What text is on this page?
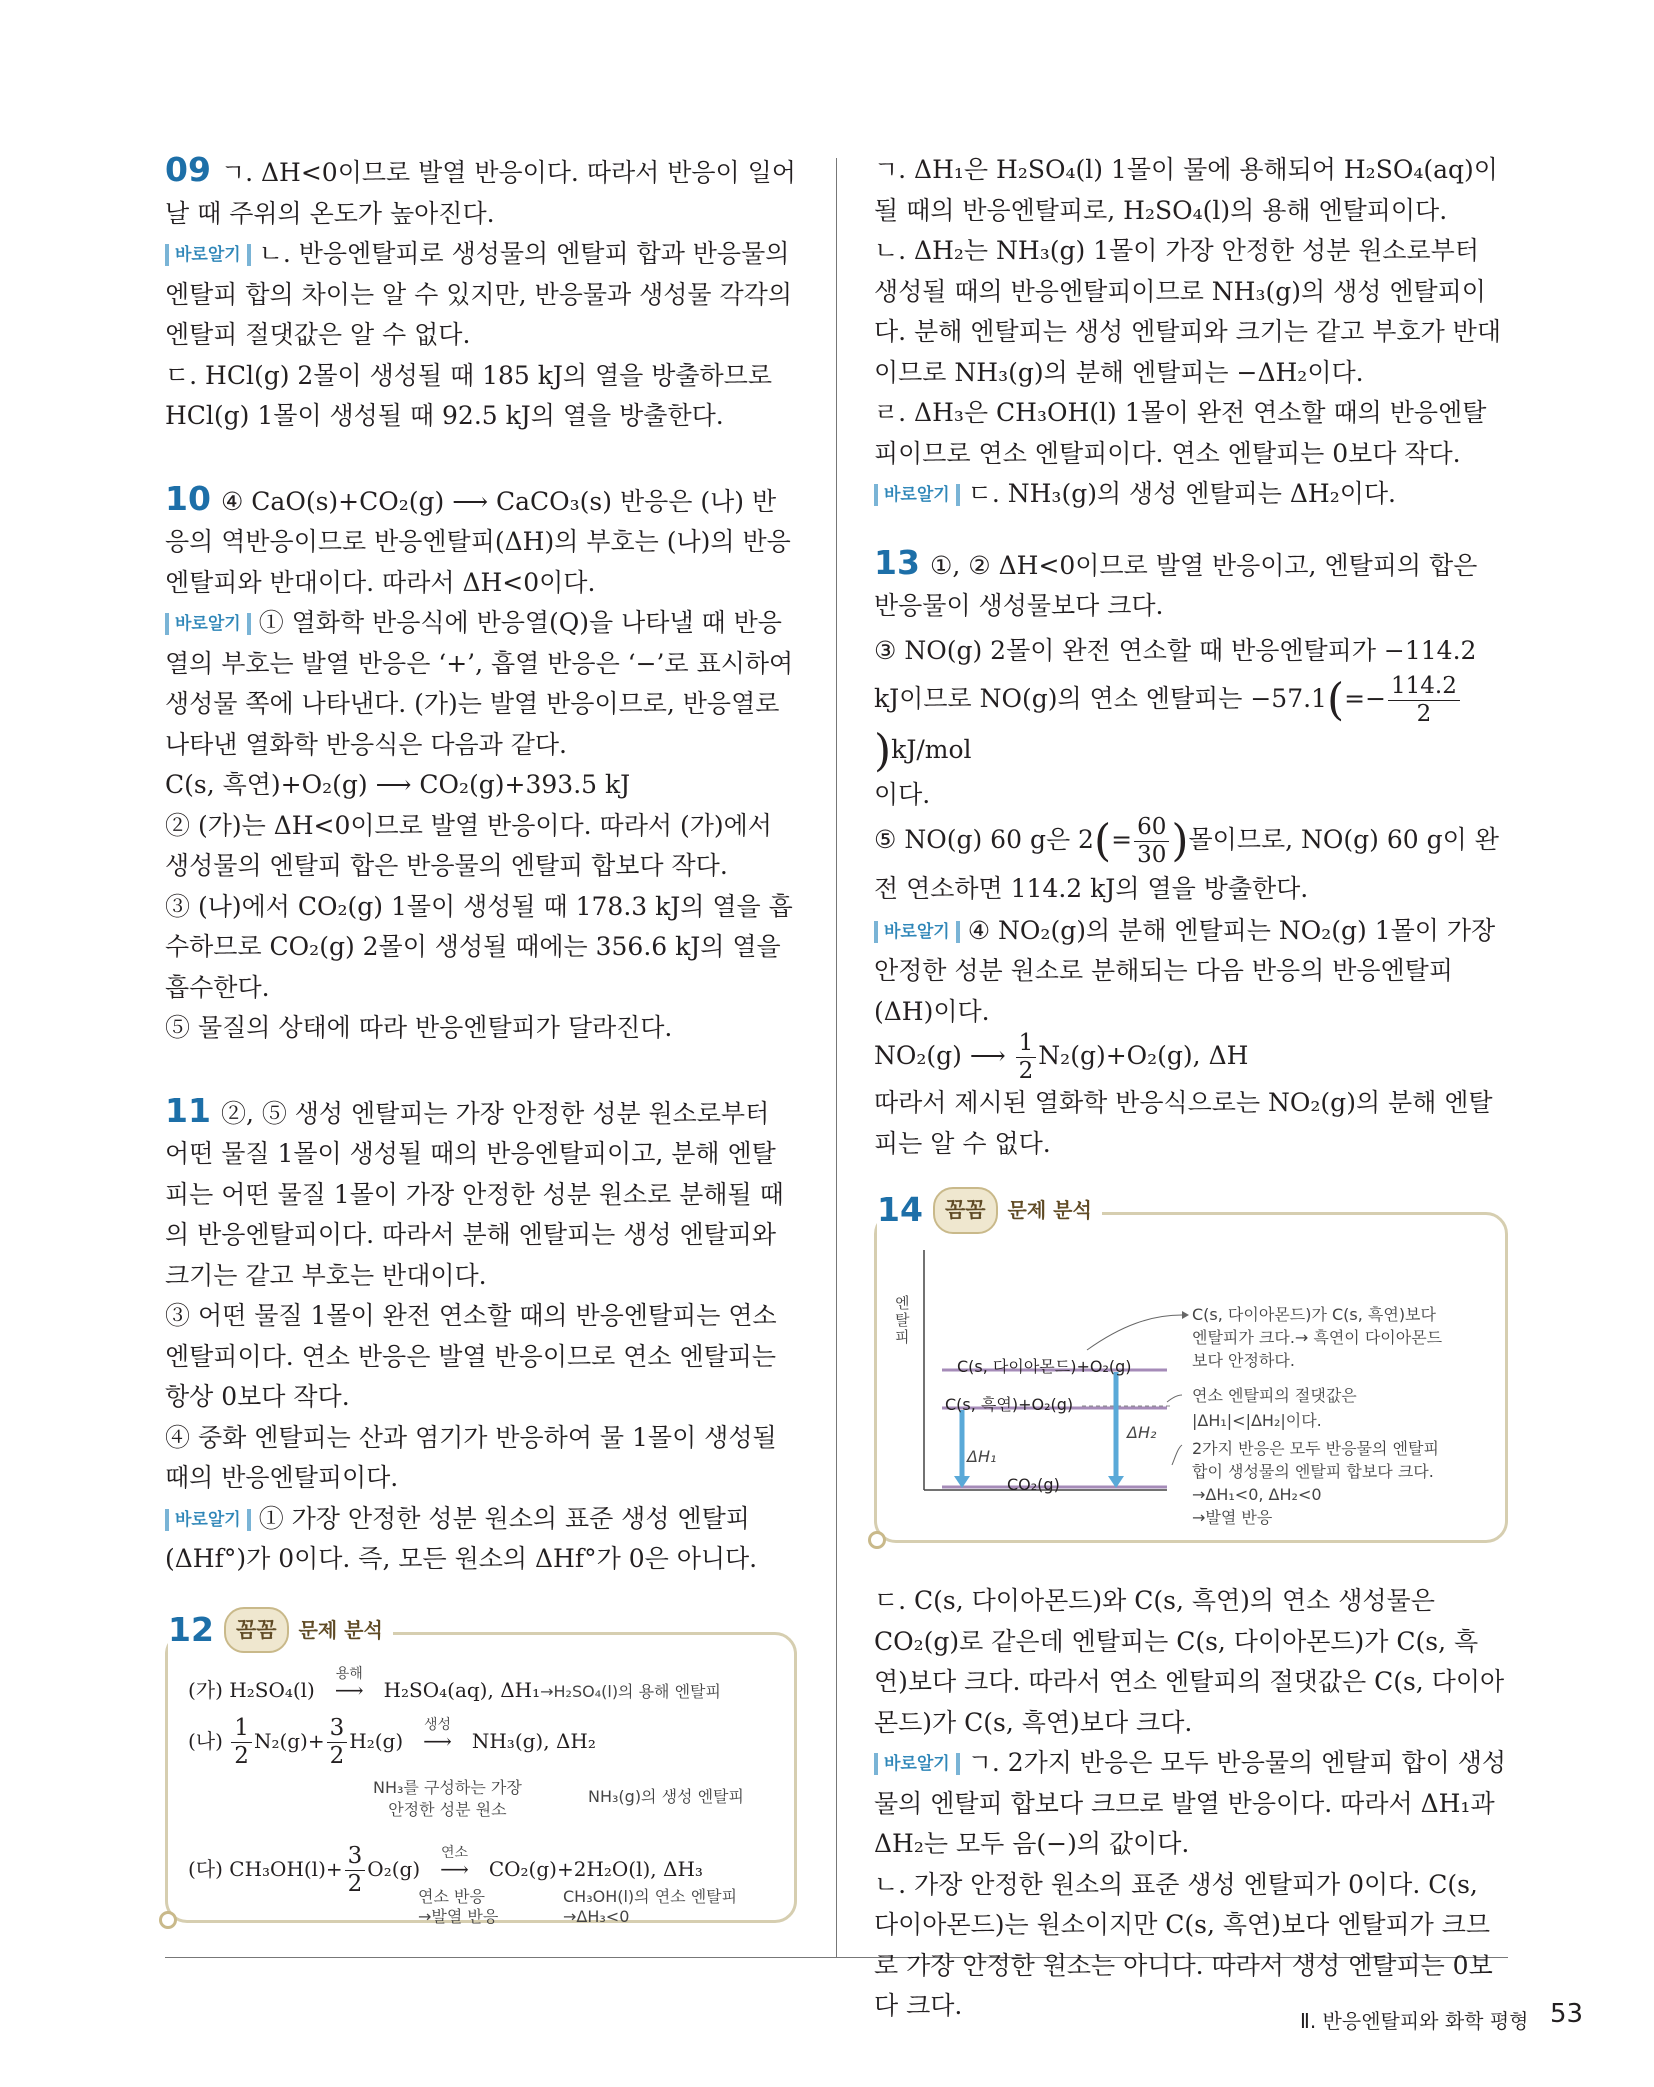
09 ㄱ. ΔH<0이므로 발열 반응이다. 따라서 반응이 일어날 때 주위의 온도가 높아진다.

바로알기 ㄴ. 반응엔탈피로 생성물의 엔탈피 합과 반응물의 엔탈피 합의 차이는 알 수 있지만, 반응물과 생성물 각각의 엔탈피 절댓값은 알 수 없다.

ㄷ. HCl(g) 2몰이 생성될 때 185 kJ의 열을 방출하므로 HCl(g) 1몰이 생성될 때 92.5 kJ의 열을 방출한다.

10 ④ CaO(s)+CO₂(g) ⟶ CaCO₃(s) 반응은 (나) 반응의 역반응이므로 반응엔탈피(ΔH)의 부호는 (나)의 반응엔탈피와 반대이다. 따라서 ΔH<0이다.

바로알기 ① 열화학 반응식에 반응열(Q)을 나타낼 때 반응열의 부호는 발열 반응은 ‘+’, 흡열 반응은 ‘−’로 표시하여 생성물 쪽에 나타낸다. (가)는 발열 반응이므로, 반응열로 나타낸 열화학 반응식은 다음과 같다.

C(s, 흑연)+O₂(g) ⟶ CO₂(g)+393.5 kJ

② (가)는 ΔH<0이므로 발열 반응이다. 따라서 (가)에서 생성물의 엔탈피 합은 반응물의 엔탈피 합보다 작다.

③ (나)에서 CO₂(g) 1몰이 생성될 때 178.3 kJ의 열을 흡수하므로 CO₂(g) 2몰이 생성될 때에는 356.6 kJ의 열을 흡수한다.

⑤ 물질의 상태에 따라 반응엔탈피가 달라진다.

11 ②, ⑤ 생성 엔탈피는 가장 안정한 성분 원소로부터 어떤 물질 1몰이 생성될 때의 반응엔탈피이고, 분해 엔탈피는 어떤 물질 1몰이 가장 안정한 성분 원소로 분해될 때의 반응엔탈피이다. 따라서 분해 엔탈피는 생성 엔탈피와 크기는 같고 부호는 반대이다.

③ 어떤 물질 1몰이 완전 연소할 때의 반응엔탈피는 연소 엔탈피이다. 연소 반응은 발열 반응이므로 연소 엔탈피는 항상 0보다 작다.

④ 중화 엔탈피는 산과 염기가 반응하여 물 1몰이 생성될 때의 반응엔탈피이다.

바로알기 ① 가장 안정한 성분 원소의 표준 생성 엔탈피(ΔHf°)가 0이다. 즉, 모든 원소의 ΔHf°가 0은 아니다.

12	꼼꼼	문제 분석
(가) H₂SO₄(l)
용해
⟶ H₂SO₄(aq), ΔH₁→H₂SO₄(l)의 용해 엔탈피
(나) $\frac{1}{2} N_2(g)+ \frac{3}{2} H_2(g)$
생성
⟶ NH₃(g), ΔH₂
NH₃를 구성하는 가장
안정한 성분 원소
NH₃(g)의 생성 엔탈피
(다) $CH_3OH(l)+ \frac{3}{2} O_2(g)$
연소
⟶ CO₂(g)+2H₂O(l), ΔH₃
연소 반응
→발열 반응
CH₃OH(l)의 연소 엔탈피
→ΔH₃<0

ㄱ. ΔH₁은 H₂SO₄(l) 1몰이 물에 용해되어 H₂SO₄(aq)이 될 때의 반응엔탈피로, H₂SO₄(l)의 용해 엔탈피이다.

ㄴ. ΔH₂는 NH₃(g) 1몰이 가장 안정한 성분 원소로부터 생성될 때의 반응엔탈피이므로 NH₃(g)의 생성 엔탈피이다. 분해 엔탈피는 생성 엔탈피와 크기는 같고 부호가 반대이므로 NH₃(g)의 분해 엔탈피는 −ΔH₂이다.

ㄹ. ΔH₃은 CH₃OH(l) 1몰이 완전 연소할 때의 반응엔탈피이므로 연소 엔탈피이다. 연소 엔탈피는 0보다 작다.

바로알기 ㄷ. NH₃(g)의 생성 엔탈피는 ΔH₂이다.

13 ①, ② ΔH<0이므로 발열 반응이고, 엔탈피의 합은 반응물이 생성물보다 크다.

③ NO(g) 2몰이 완전 연소할 때 반응엔탈피가 −114.2 kJ이므로 NO(g)의 연소 엔탈피는 $-57.1(=- \frac{114.2}{2}$
)kJ/mol

이다.

⑤ NO(g) 60 g은 $2(= \frac{60}{30}$ )몰이므로, NO(g) 60 g이 완전 연소하면 114.2 kJ의 열을 방출한다.

바로알기 ④ NO₂(g)의 분해 엔탈피는 NO₂(g) 1몰이 가장 안정한 성분 원소로 분해되는 다음 반응의 반응엔탈피(ΔH)이다.

NO₂(g) ⟶ $\frac{1}{2} N_2(g)+O_2(g)$, ΔH

따라서 제시된 열화학 반응식으로는 NO₂(g)의 분해 엔탈피는 알 수 없다.

14	꼼꼼	문제 분석
엔탈피
C(s, 다이아몬드)+O₂(g)
C(s, 흑연)+O₂(g)
CO₂(g)
ΔH₁
ΔH₂
C(s, 다이아몬드)가 C(s, 흑연)보다
엔탈피가 크다.→ 흑연이 다이아몬드
보다 안정하다.
연소 엔탈피의 절댓값은
|ΔH₁|<|ΔH₂|이다.
2가지 반응은 모두 반응물의 엔탈피
합이 생성물의 엔탈피 합보다 크다.
→ΔH₁<0, ΔH₂<0
→발열 반응

ㄷ. C(s, 다이아몬드)와 C(s, 흑연)의 연소 생성물은 CO₂(g)로 같은데 엔탈피는 C(s, 다이아몬드)가 C(s, 흑연)보다 크다. 따라서 연소 엔탈피의 절댓값은 C(s, 다이아몬드)가 C(s, 흑연)보다 크다.

바로알기 ㄱ. 2가지 반응은 모두 반응물의 엔탈피 합이 생성물의 엔탈피 합보다 크므로 발열 반응이다. 따라서 ΔH₁과 ΔH₂는 모두 음(−)의 값이다.

ㄴ. 가장 안정한 원소의 표준 생성 엔탈피가 0이다. C(s, 다이아몬드)는 원소이지만 C(s, 흑연)보다 엔탈피가 크므로 가장 안정한 원소는 아니다. 따라서 생성 엔탈피는 0보다 크다.

Ⅱ. 반응엔탈피와 화학 평형 53
